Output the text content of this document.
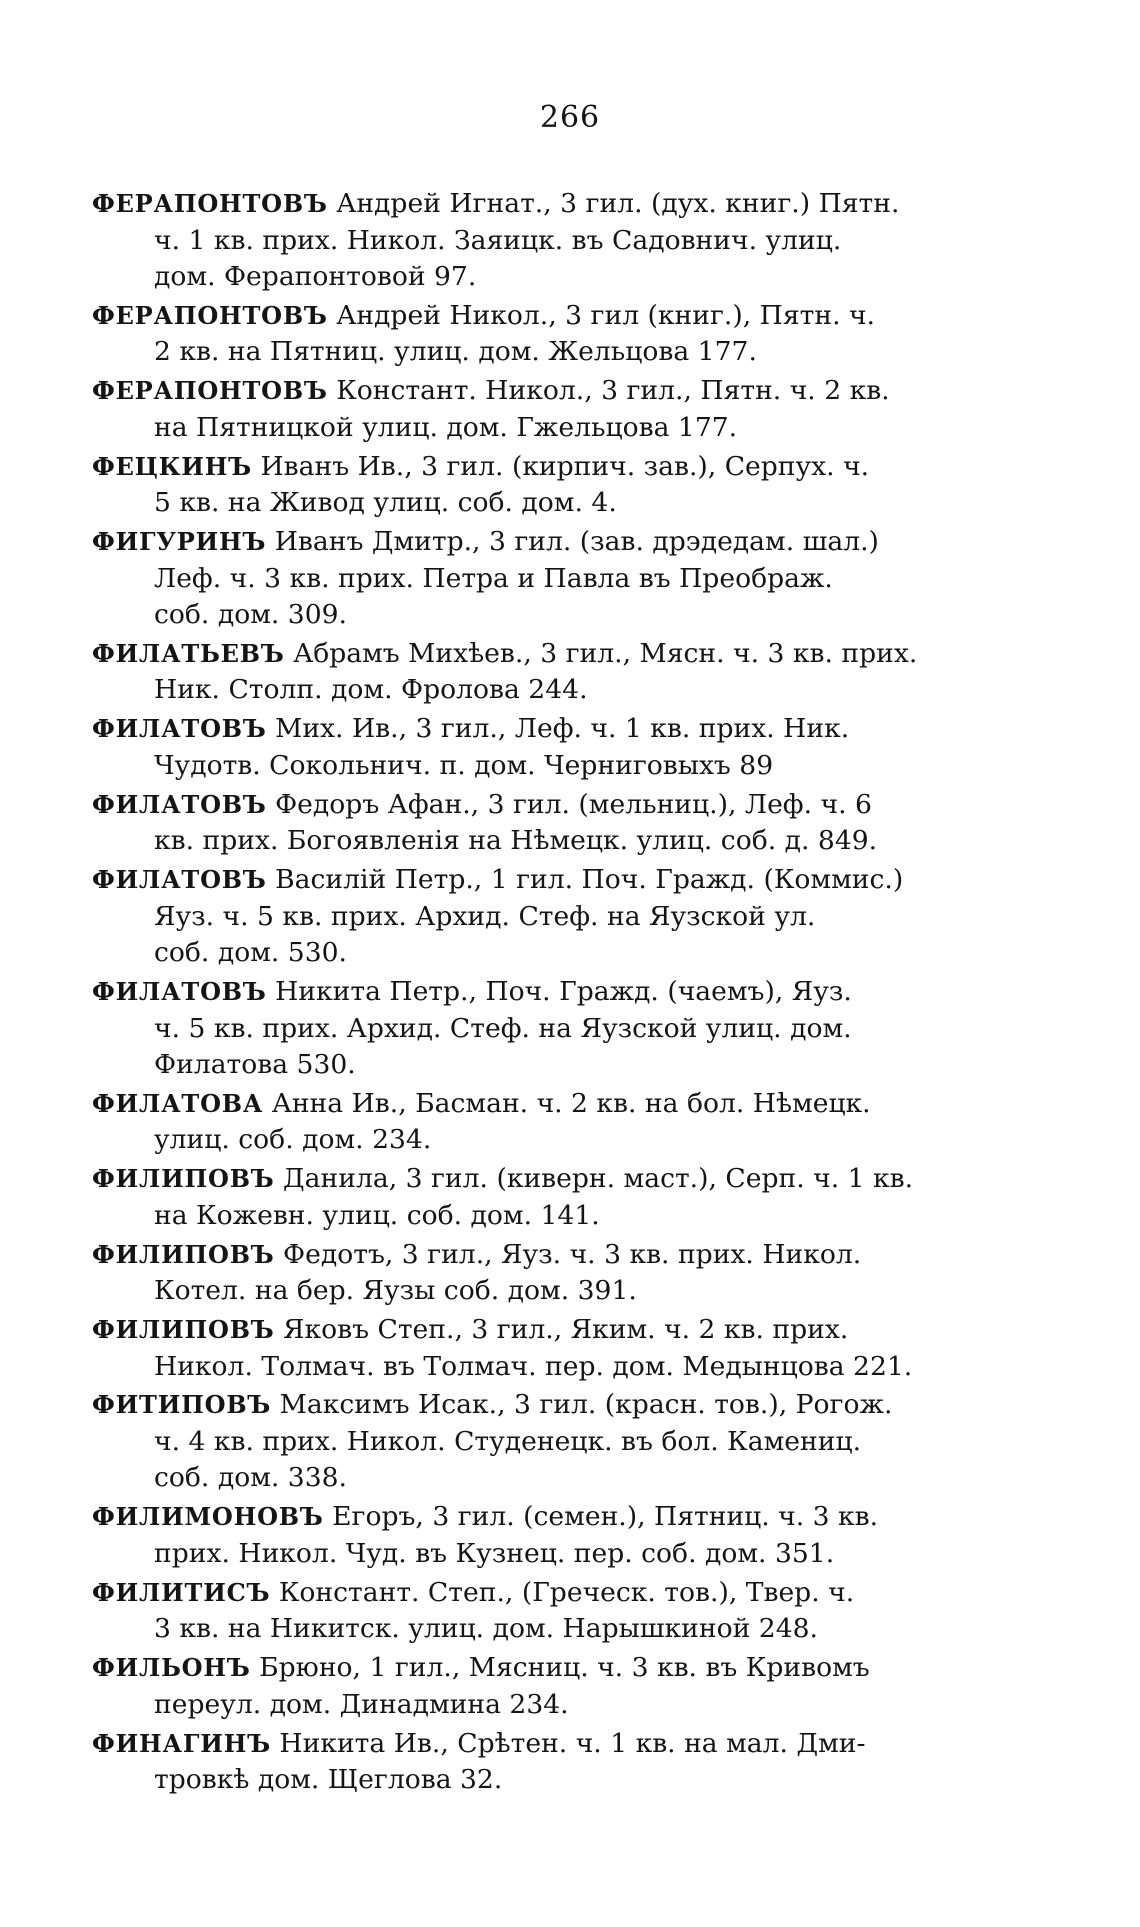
266
ФЕРАПОНТОВЪ Андрей Игнат., 3 гил. (дух. книг.) Пятн.
ч. 1 кв. прих. Никол. Заяицк. въ Садовнич. улиц.
дом. Ферапонтовой 97.
ФЕРАПОНТОВЪ Андрей Никол., 3 гил (книг.), Пятн. ч.
2 кв. на Пятниц. улиц. дом. Жельцова 177.
ФЕРАПОНТОВЪ Констант. Никол., 3 гил., Пятн. ч. 2 кв.
на Пятницкой улиц. дом. Гжельцова 177.
ФЕЦКИНЪ Иванъ Ив., 3 гил. (кирпич. зав.), Серпух. ч.
5 кв. на Живод улиц. соб. дом. 4.
ФИГУРИНЪ Иванъ Дмитр., 3 гил. (зав. дрэдедам. шал.)
Леф. ч. 3 кв. прих. Петра и Павла въ Преображ.
соб. дом. 309.
ФИЛАТЬЕВЪ Абрамъ Михѣев., 3 гил., Мясн. ч. 3 кв. прих.
Ник. Столп. дом. Фролова 244.
ФИЛАТОВЪ Мих. Ив., 3 гил., Леф. ч. 1 кв. прих. Ник.
Чудотв. Сокольнич. п. дом. Черниговыхъ 89
ФИЛАТОВЪ Федоръ Афан., 3 гил. (мельниц.), Леф. ч. 6
кв. прих. Богоявленія на Нѣмецк. улиц. соб. д. 849.
ФИЛАТОВЪ Василій Петр., 1 гил. Поч. Гражд. (Коммис.)
Яуз. ч. 5 кв. прих. Архид. Стеф. на Яузской ул.
соб. дом. 530.
ФИЛАТОВЪ Никита Петр., Поч. Гражд. (чаемъ), Яуз.
ч. 5 кв. прих. Архид. Стеф. на Яузской улиц. дом.
Филатова 530.
ФИЛАТОВА Анна Ив., Басман. ч. 2 кв. на бол. Нѣмецк.
улиц. соб. дом. 234.
ФИЛИПОВЪ Данила, 3 гил. (киверн. маст.), Серп. ч. 1 кв.
на Кожевн. улиц. соб. дом. 141.
ФИЛИПОВЪ Федотъ, 3 гил., Яуз. ч. 3 кв. прих. Никол.
Котел. на бер. Яузы соб. дом. 391.
ФИЛИПОВЪ Яковъ Степ., 3 гил., Яким. ч. 2 кв. прих.
Никол. Толмач. въ Толмач. пер. дом. Медынцова 221.
ФИТИПОВЪ Максимъ Исак., 3 гил. (красн. тов.), Рогож.
ч. 4 кв. прих. Никол. Студенецк. въ бол. Камениц.
соб. дом. 338.
ФИЛИМОНОВЪ Егоръ, 3 гил. (семен.), Пятниц. ч. 3 кв.
прих. Никол. Чуд. въ Кузнец. пер. соб. дом. 351.
ФИЛИТИСЪ Констант. Степ., (Греческ. тов.), Твер. ч.
3 кв. на Никитск. улиц. дом. Нарышкиной 248.
ФИЛЬОНЪ Брюно, 1 гил., Мясниц. ч. 3 кв. въ Кривомъ
переул. дом. Динадмина 234.
ФИНАГИНЪ Никита Ив., Срѣтен. ч. 1 кв. на мал. Дми-
тровкѣ дом. Щеглова 32.
